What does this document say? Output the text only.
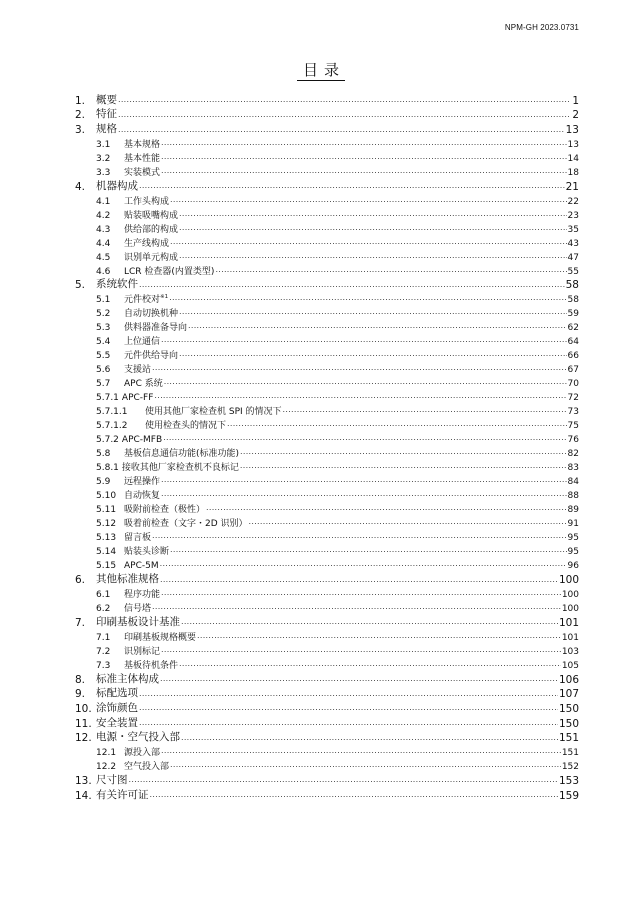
NPM-GH 2023.0731
目录
1.	概要 .....	1
2.	特征 .....	2
3.	规格 .....	13
3.1	基本规格 .....	13
3.2	基本性能 .....	14
3.3	实装模式 .....	18
4.	机器构成 .....	21
4.1	工作头构成 .....	22
4.2	贴装吸嘴构成 .....	23
4.3	供给部的构成 .....	35
4.4	生产线构成 .....	43
4.5	识别单元构成 .....	47
4.6	LCR 检查器(内置类型) .....	55
5.	系统软件 .....	58
5.1	元件校对$^{※1}$ .....	58
5.2	自动切换机种 .....	59
5.3	供料器准备导向 .....	62
5.4	上位通信 .....	64
5.5	元件供给导向 .....	66
5.6	支援站 .....	67
5.7	APC 系统 .....	70
5.7.1 APC-FF .....	72
5.7.1.1	使用其他厂家检查机 SPI 的情况下 .....	73
5.7.1.2	使用检查头的情况下 .....	75
5.7.2 APC-MFB .....	76
5.8	基板信息通信功能(标准功能) .....	82
5.8.1 接收其他厂家检查机不良标记 .....	83
5.9	远程操作 .....	84
5.10 自动恢复 .....	88
5.11 吸附前检查（极性） .....	89
5.12 吸着前检查（文字・2D 识别） .....	91
5.13 留言板 .....	95
5.14 贴装头诊断 .....	95
5.15 APC-5M .....	96
6.	其他标准规格 .....	100
6.1	程序功能 .....	100
6.2	信号塔 .....	100
7.	印刷基板设计基准 .....	101
7.1	印刷基板规格概要 .....	101
7.2	识别标记 .....	103
7.3	基板待机条件 .....	105
8.	标准主体构成 .....	106
9.	标配选项 .....	107
10. 涂饰颜色 .....	150
11. 安全装置 .....	150
12. 电源・空气投入部 .....	151
12.1 源投入部 .....	151
12.2 空气投入部 .....	152
13. 尺寸图 .....	153
14. 有关许可证 .....	159
